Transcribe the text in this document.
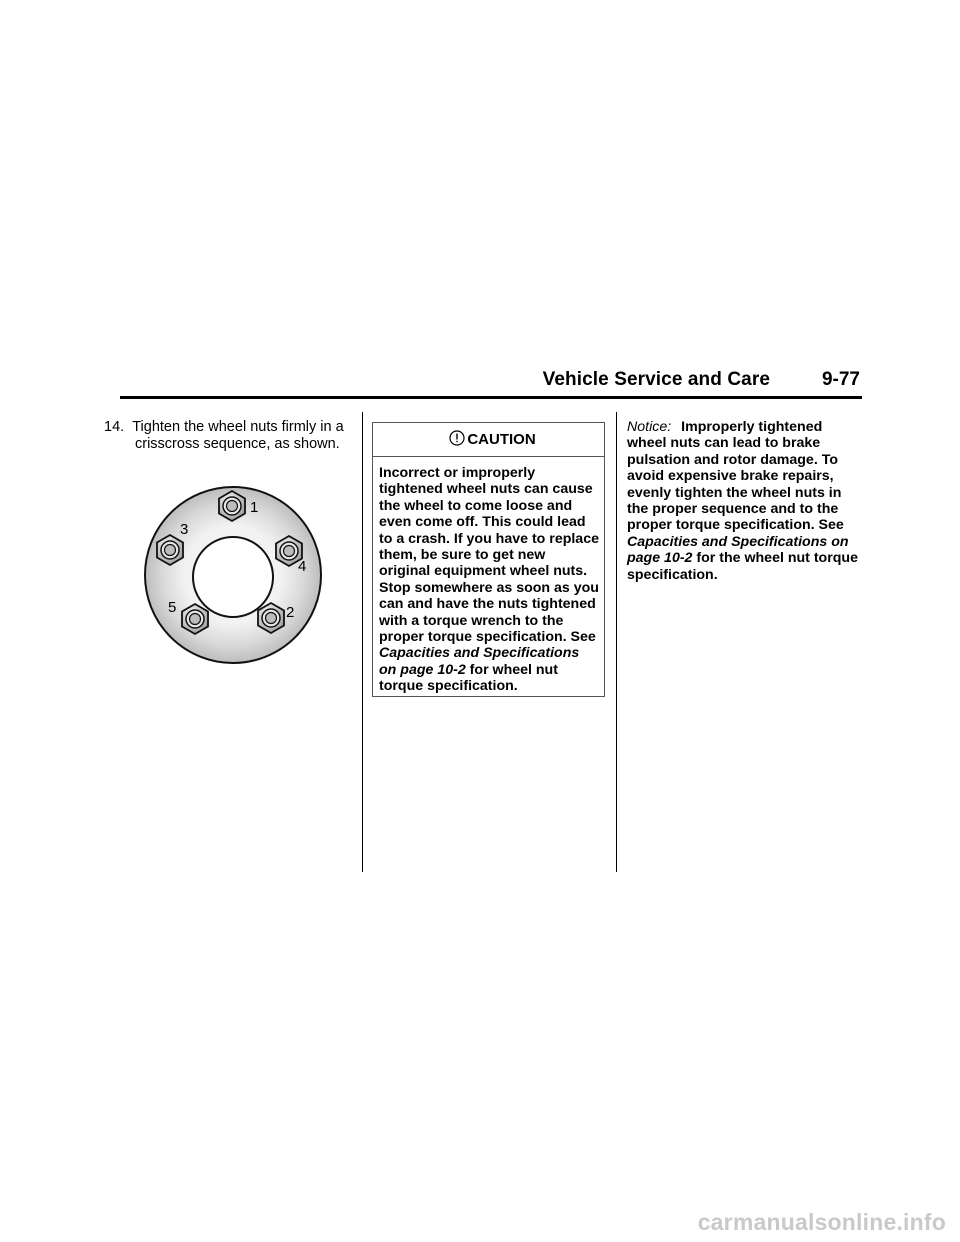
Vehicle Service and Care	9-77

14. Tighten the wheel nuts firmly in a crisscross sequence, as shown.

1
2
3
4
5
CAUTION
Incorrect or improperly tightened wheel nuts can cause the wheel to come loose and even come off. This could lead to a crash. If you have to replace them, be sure to get new original equipment wheel nuts. Stop somewhere as soon as you can and have the nuts tightened with a torque wrench to the proper torque specification. See Capacities and Specifications on page 10-2 for wheel nut torque specification.

Notice: Improperly tightened wheel nuts can lead to brake pulsation and rotor damage. To avoid expensive brake repairs, evenly tighten the wheel nuts in the proper sequence and to the proper torque specification. See Capacities and Specifications on page 10-2 for the wheel nut torque specification.

carmanualsonline.info
